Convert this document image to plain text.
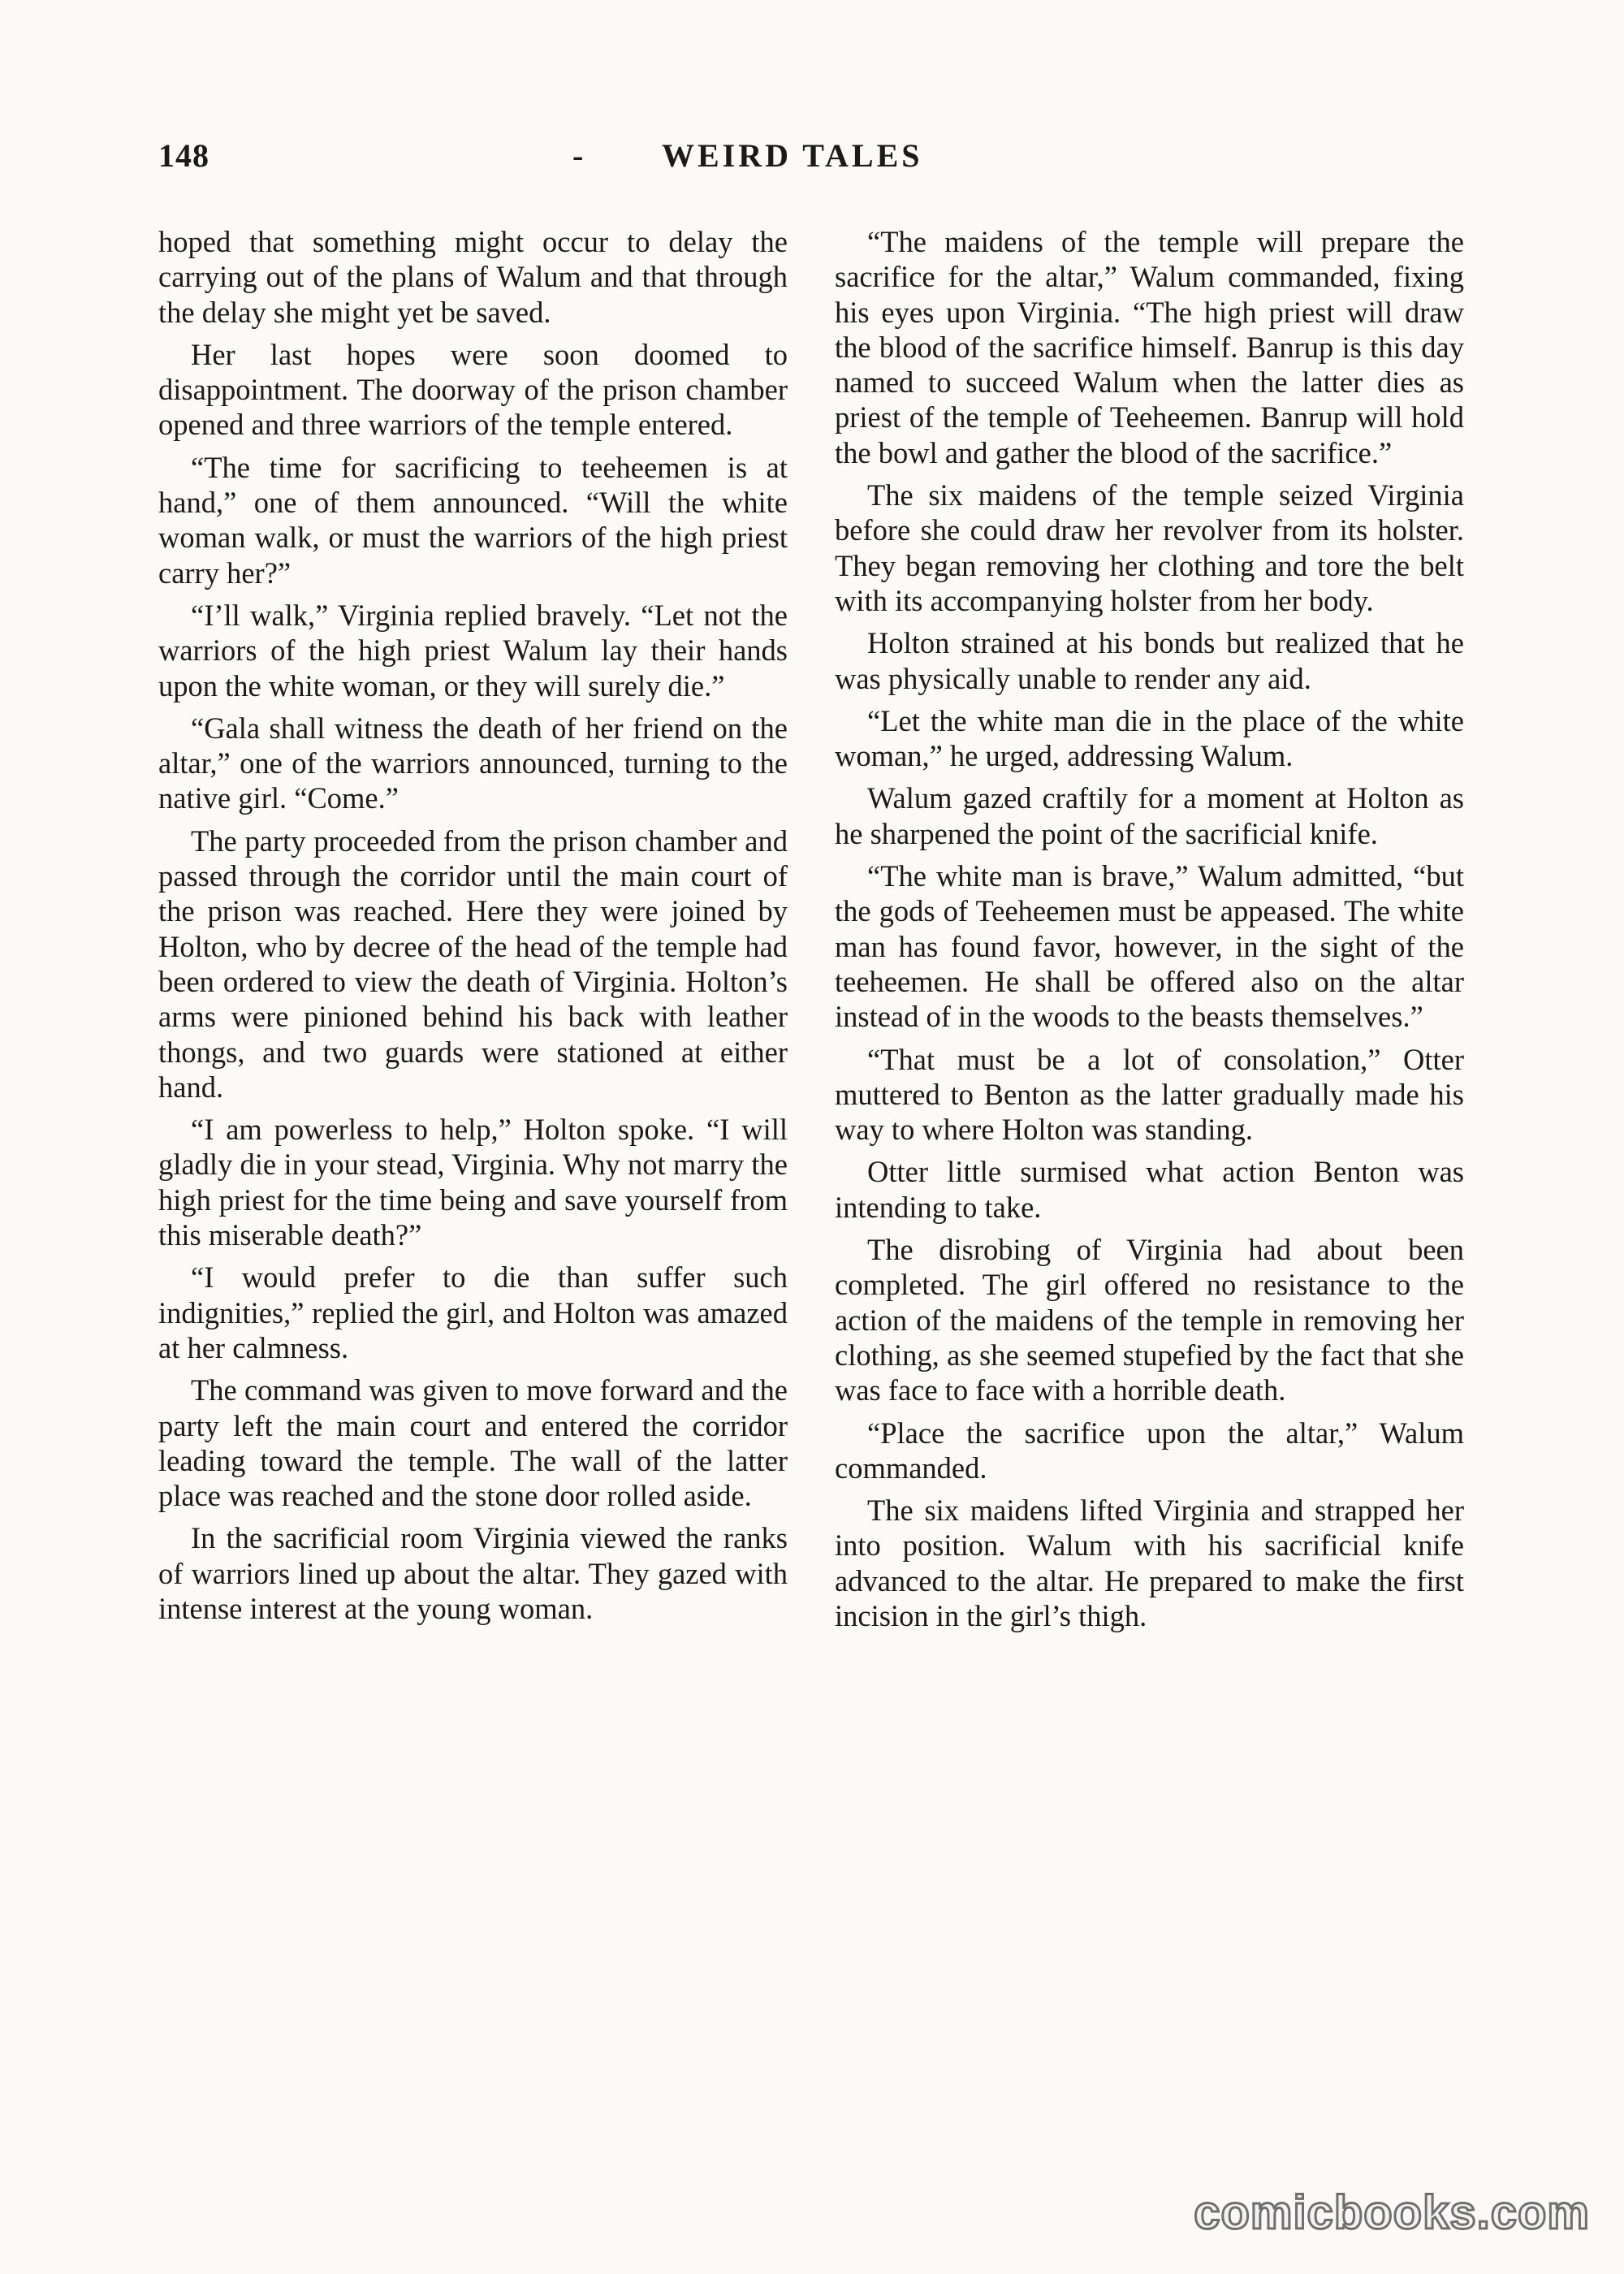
148	- WEIRD TALES

hoped that something might occur to delay the carrying out of the plans of Walum and that through the delay she might yet be saved.

Her last hopes were soon doomed to disappointment. The doorway of the prison chamber opened and three warriors of the temple entered.

“The time for sacrificing to teeheemen is at hand,” one of them announced. “Will the white woman walk, or must the warriors of the high priest carry her?”

“I’ll walk,” Virginia replied bravely. “Let not the warriors of the high priest Walum lay their hands upon the white woman, or they will surely die.”

“Gala shall witness the death of her friend on the altar,” one of the warriors announced, turning to the native girl. “Come.”

The party proceeded from the prison chamber and passed through the corridor until the main court of the prison was reached. Here they were joined by Holton, who by decree of the head of the temple had been ordered to view the death of Virginia. Holton’s arms were pinioned behind his back with leather thongs, and two guards were stationed at either hand.

“I am powerless to help,” Holton spoke. “I will gladly die in your stead, Virginia. Why not marry the high priest for the time being and save yourself from this miserable death?”

“I would prefer to die than suffer such indignities,” replied the girl, and Holton was amazed at her calmness.

The command was given to move forward and the party left the main court and entered the corridor leading toward the temple. The wall of the latter place was reached and the stone door rolled aside.

In the sacrificial room Virginia viewed the ranks of warriors lined up about the altar. They gazed with intense interest at the young woman.

“The maidens of the temple will prepare the sacrifice for the altar,” Walum commanded, fixing his eyes upon Virginia. “The high priest will draw the blood of the sacrifice himself. Banrup is this day named to succeed Walum when the latter dies as priest of the temple of Teeheemen. Banrup will hold the bowl and gather the blood of the sacrifice.”

The six maidens of the temple seized Virginia before she could draw her revolver from its holster. They began removing her clothing and tore the belt with its accompanying holster from her body.

Holton strained at his bonds but realized that he was physically unable to render any aid.

“Let the white man die in the place of the white woman,” he urged, addressing Walum.

Walum gazed craftily for a moment at Holton as he sharpened the point of the sacrificial knife.

“The white man is brave,” Walum admitted, “but the gods of Teeheemen must be appeased. The white man has found favor, however, in the sight of the teeheemen. He shall be offered also on the altar instead of in the woods to the beasts themselves.”

“That must be a lot of consolation,” Otter muttered to Benton as the latter gradually made his way to where Holton was standing.

Otter little surmised what action Benton was intending to take.

The disrobing of Virginia had about been completed. The girl offered no resistance to the action of the maidens of the temple in removing her clothing, as she seemed stupefied by the fact that she was face to face with a horrible death.

“Place the sacrifice upon the altar,” Walum commanded.

The six maidens lifted Virginia and strapped her into position. Walum with his sacrificial knife advanced to the altar. He prepared to make the first incision in the girl’s thigh.

comicbooks.com
